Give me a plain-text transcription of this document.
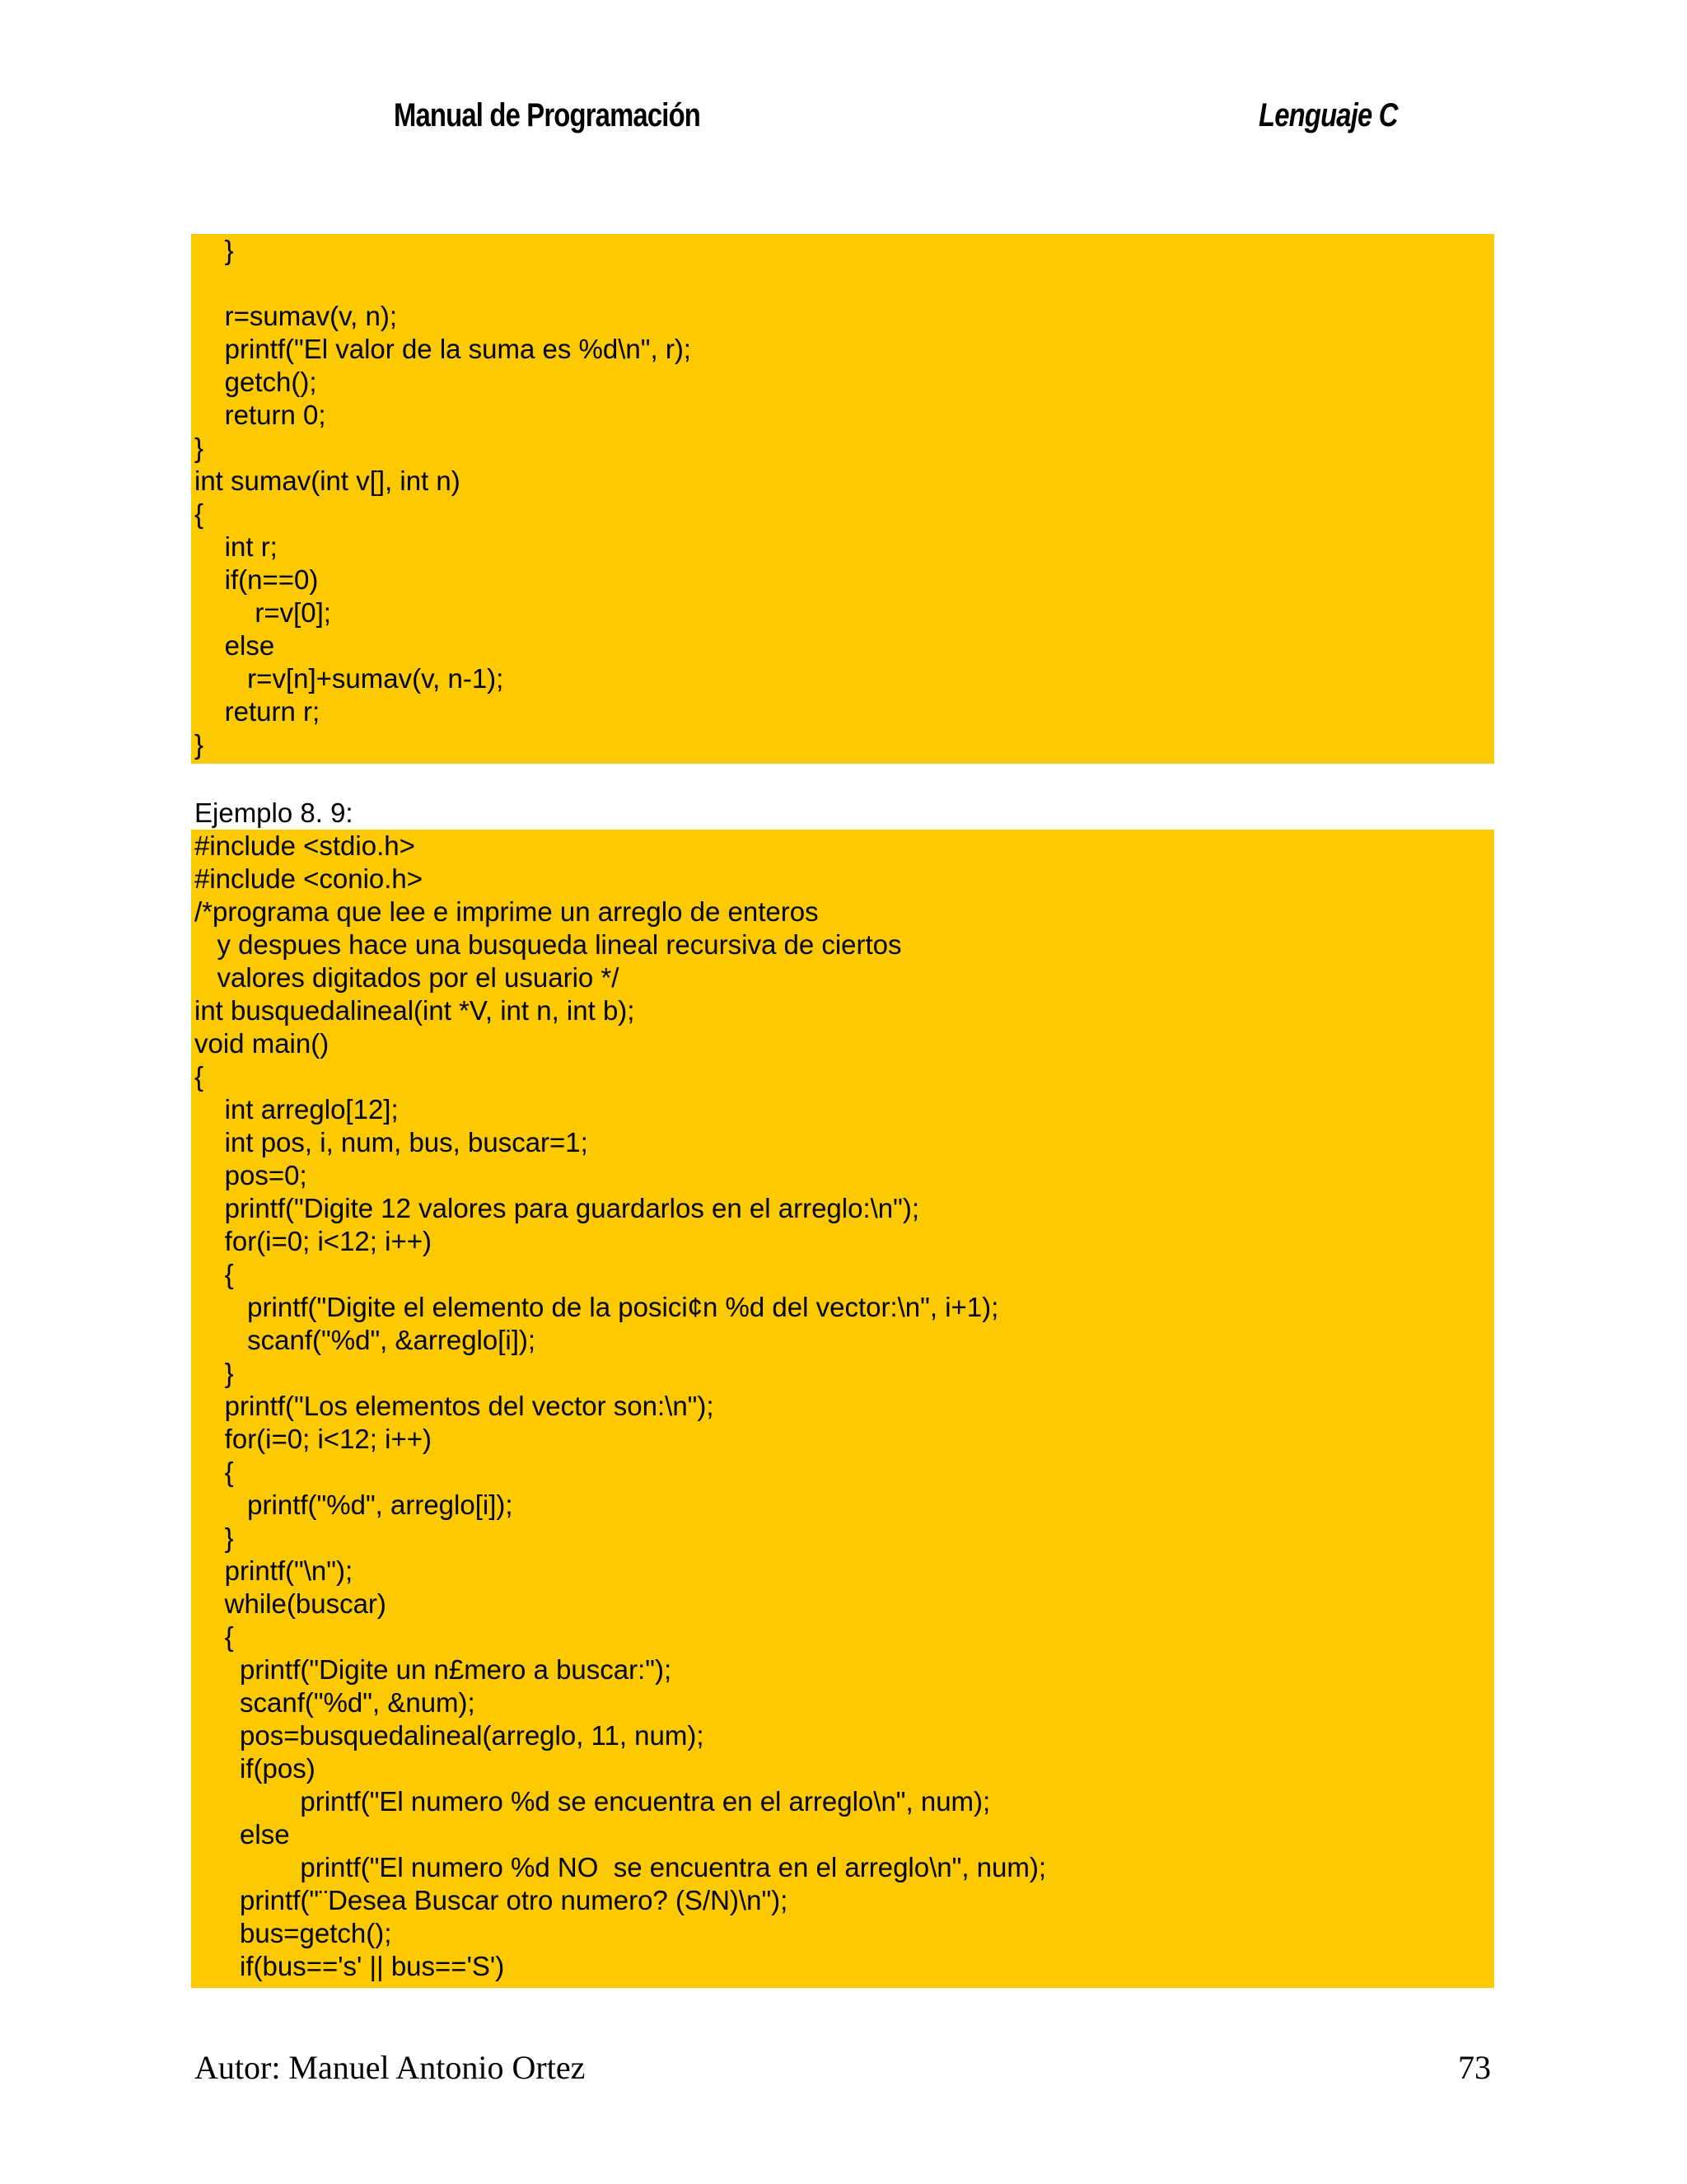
Manual de Programación	Lenguaje C
}
r=sumav(v, n);
printf("El valor de la suma es %d\n", r);
getch();
return 0;
}
int sumav(int v[], int n)
{
int r;
if(n==0)
r=v[0];
else
r=v[n]+sumav(v, n-1);
return r;
}
Ejemplo 8. 9:
#include <stdio.h>
#include <conio.h>
/*programa que lee e imprime un arreglo de enteros
y despues hace una busqueda lineal recursiva de ciertos
valores digitados por el usuario */
int busquedalineal(int *V, int n, int b);
void main()
{
int arreglo[12];
int pos, i, num, bus, buscar=1;
pos=0;
printf("Digite 12 valores para guardarlos en el arreglo:\n");
for(i=0; i<12; i++)
{
printf("Digite el elemento de la posici¢n %d del vector:\n", i+1);
scanf("%d", &arreglo[i]);
}
printf("Los elementos del vector son:\n");
for(i=0; i<12; i++)
{
printf("%d", arreglo[i]);
}
printf("\n");
while(buscar)
{
printf("Digite un n£mero a buscar:");
scanf("%d", &num);
pos=busquedalineal(arreglo, 11, num);
if(pos)
printf("El numero %d se encuentra en el arreglo\n", num);
else
printf("El numero %d NO  se encuentra en el arreglo\n", num);
printf("¨Desea Buscar otro numero? (S/N)\n");
bus=getch();
if(bus=='s' || bus=='S')
Autor: Manuel Antonio Ortez	73
